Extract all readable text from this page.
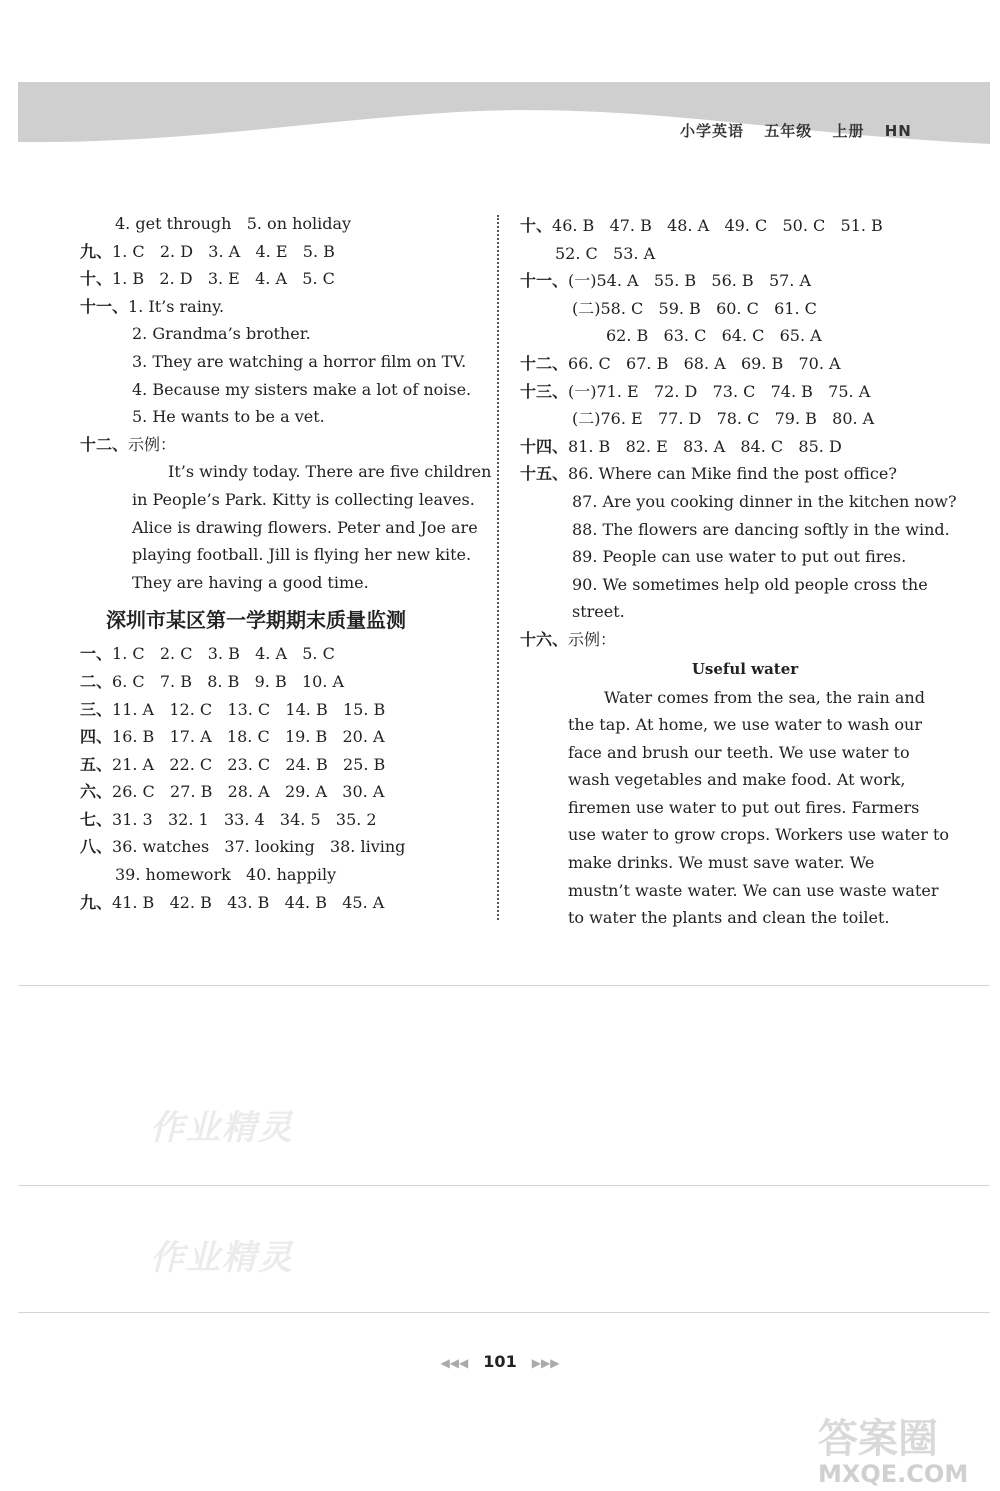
小学英语 五年级 上册 HN
4. get through   5. on holiday
九、1. C   2. D   3. A   4. E   5. B
十、1. B   2. D   3. E   4. A   5. C
十一、1. It’s rainy.
2. Grandma’s brother.
3. They are watching a horror film on TV.
4. Because my sisters make a lot of noise.
5. He wants to be a vet.
十二、示例：
It’s windy today. There are five children
in People’s Park. Kitty is collecting leaves.
Alice is drawing flowers. Peter and Joe are
playing football. Jill is flying her new kite.
They are having a good time.
深圳市某区第一学期期末质量监测
一、1. C   2. C   3. B   4. A   5. C
二、6. C   7. B   8. B   9. B   10. A
三、11. A   12. C   13. C   14. B   15. B
四、16. B   17. A   18. C   19. B   20. A
五、21. A   22. C   23. C   24. B   25. B
六、26. C   27. B   28. A   29. A   30. A
七、31. 3   32. 1   33. 4   34. 5   35. 2
八、36. watches   37. looking   38. living
39. homework   40. happily
九、41. B   42. B   43. B   44. B   45. A
十、46. B   47. B   48. A   49. C   50. C   51. B
52. C   53. A
十一、(一)54. A   55. B   56. B   57. A
(二)58. C   59. B   60. C   61. C
62. B   63. C   64. C   65. A
十二、66. C   67. B   68. A   69. B   70. A
十三、(一)71. E   72. D   73. C   74. B   75. A
(二)76. E   77. D   78. C   79. B   80. A
十四、81. B   82. E   83. A   84. C   85. D
十五、86. Where can Mike find the post office?
87. Are you cooking dinner in the kitchen now?
88. The flowers are dancing softly in the wind.
89. People can use water to put out fires.
90. We sometimes help old people cross the
street.
十六、示例：
Useful water
Water comes from the sea, the rain and
the tap. At home, we use water to wash our
face and brush our teeth. We use water to
wash vegetables and make food. At work,
firemen use water to put out fires. Farmers
use water to grow crops. Workers use water to
make drinks. We must save water. We
mustn’t waste water. We can use waste water
to water the plants and clean the toilet.
作业精灵
作业精灵
◀◀◀ 101 ▶▶▶
答案圈
MXQE.COM
